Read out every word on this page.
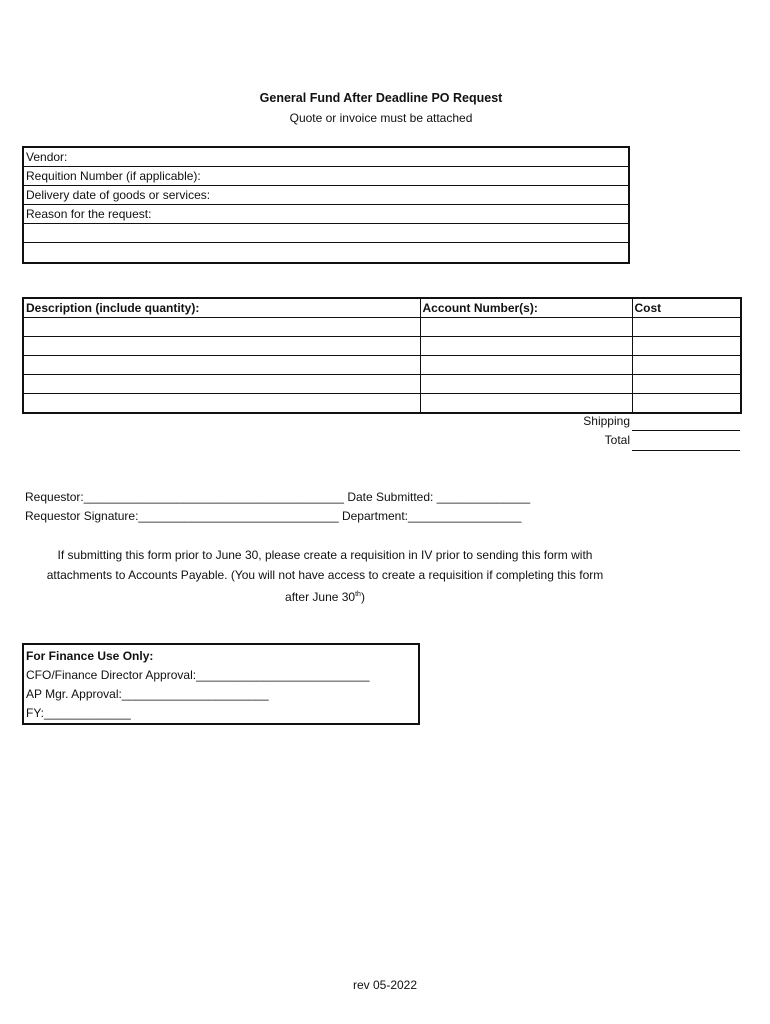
General Fund After Deadline PO Request
Quote or invoice must be attached
Vendor:
Requition Number (if applicable):
Delivery date of goods or services:
Reason for the request:
Description (include quantity):	Account Number(s):	Cost

Shipping
Total
Requestor:_______________________________________ Date Submitted: ______________
Requestor Signature:______________________________ Department:_________________
If submitting this form prior to June 30, please create a requisition in IV prior to sending this form with
attachments to Accounts Payable. (You will not have access to create a requisition if completing this form
after June 30th)
For Finance Use Only:
CFO/Finance Director Approval:__________________________
AP Mgr. Approval:______________________
FY:_____________
rev 05-2022
